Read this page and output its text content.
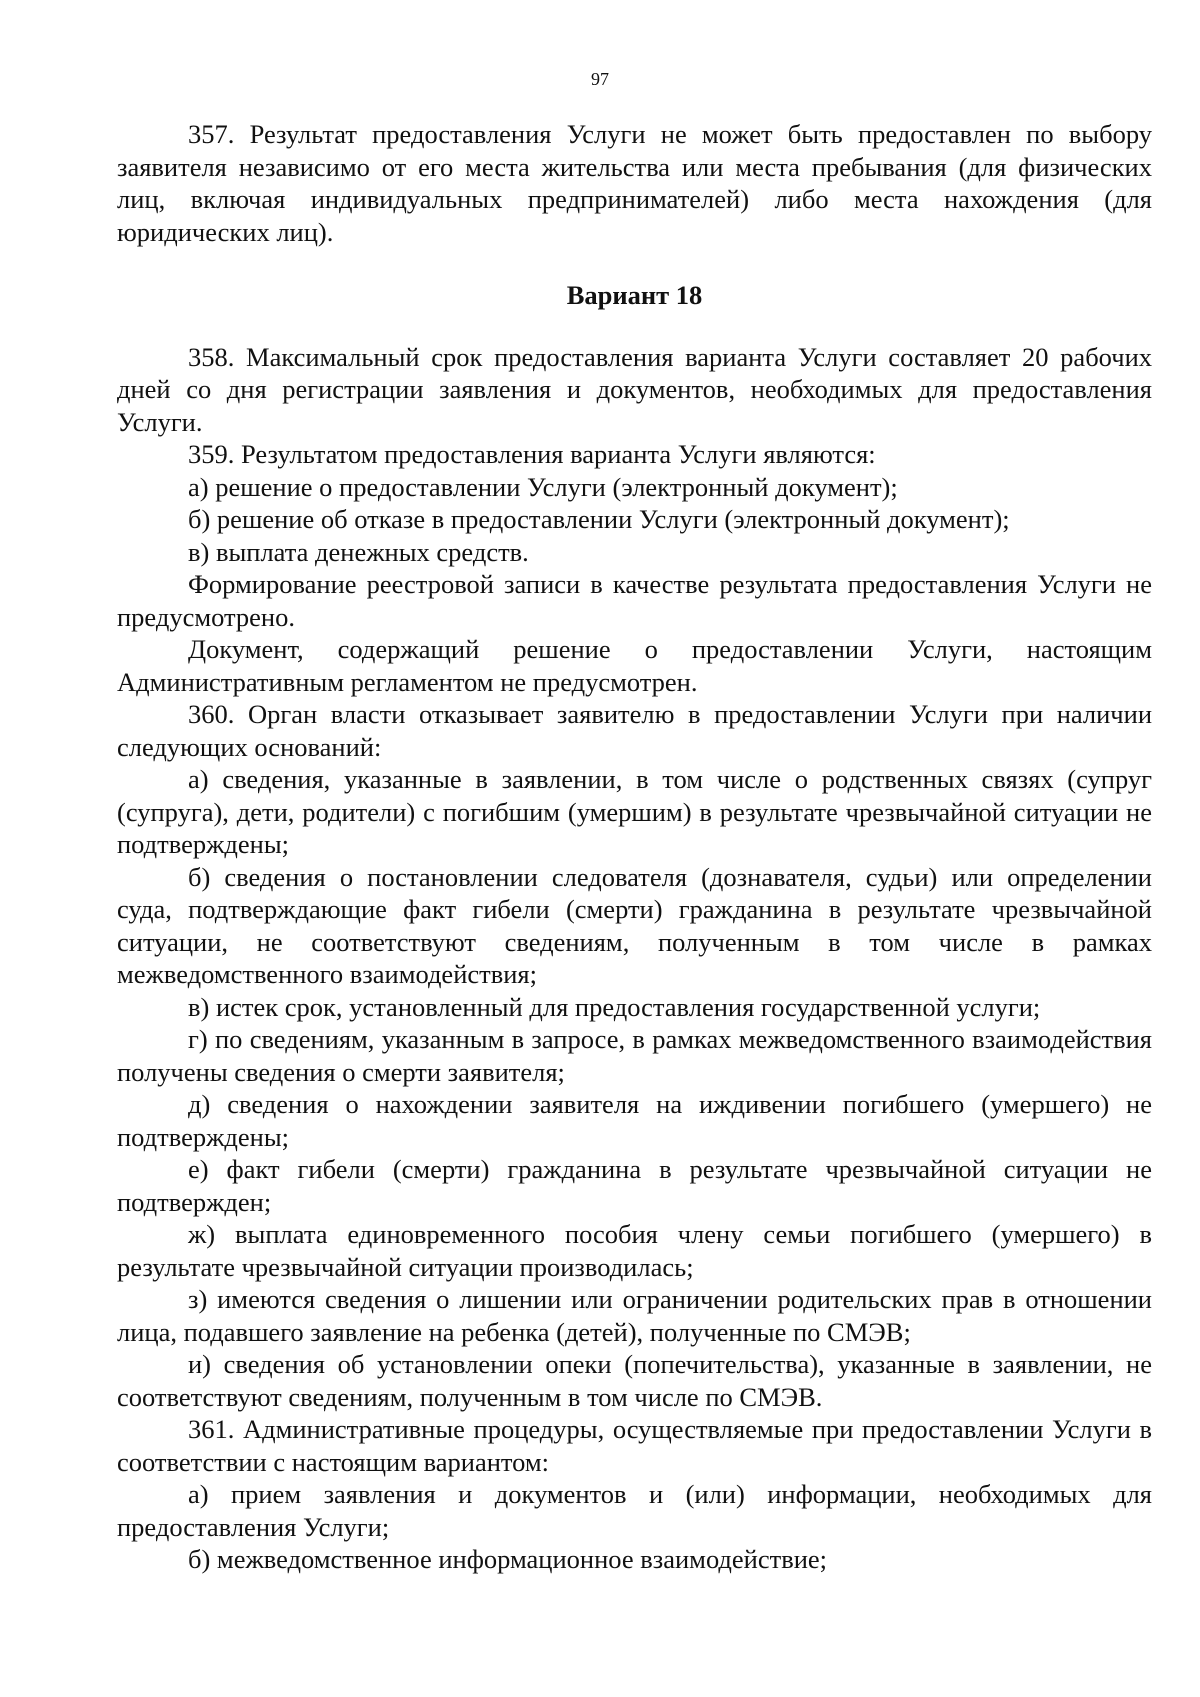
97

357. Результат предоставления Услуги не может быть предоставлен по выбору заявителя независимо от его места жительства или места пребывания (для физических лиц, включая индивидуальных предпринимателей) либо места нахождения (для юридических лиц).

Вариант 18

358. Максимальный срок предоставления варианта Услуги составляет 20 рабочих дней со дня регистрации заявления и документов, необходимых для предоставления Услуги.

359. Результатом предоставления варианта Услуги являются:

а) решение о предоставлении Услуги (электронный документ);

б) решение об отказе в предоставлении Услуги (электронный документ);

в) выплата денежных средств.

Формирование реестровой записи в качестве результата предоставления Услуги не предусмотрено.

Документ, содержащий решение о предоставлении Услуги, настоящим Административным регламентом не предусмотрен.

360. Орган власти отказывает заявителю в предоставлении Услуги при наличии следующих оснований:

а) сведения, указанные в заявлении, в том числе о родственных связях (супруг (супруга), дети, родители) с погибшим (умершим) в результате чрезвычайной ситуации не подтверждены;

б) сведения о постановлении следователя (дознавателя, судьи) или определении суда, подтверждающие факт гибели (смерти) гражданина в результате чрезвычайной ситуации, не соответствуют сведениям, полученным в том числе в рамках межведомственного взаимодействия;

в) истек срок, установленный для предоставления государственной услуги;

г) по сведениям, указанным в запросе, в рамках межведомственного взаимодействия получены сведения о смерти заявителя;

д) сведения о нахождении заявителя на иждивении погибшего (умершего) не подтверждены;

е) факт гибели (смерти) гражданина в результате чрезвычайной ситуации не подтвержден;

ж) выплата единовременного пособия члену семьи погибшего (умершего) в результате чрезвычайной ситуации производилась;

з) имеются сведения о лишении или ограничении родительских прав в отношении лица, подавшего заявление на ребенка (детей), полученные по СМЭВ;

и) сведения об установлении опеки (попечительства), указанные в заявлении, не соответствуют сведениям, полученным в том числе по СМЭВ.

361. Административные процедуры, осуществляемые при предоставлении Услуги в соответствии с настоящим вариантом:

а) прием заявления и документов и (или) информации, необходимых для предоставления Услуги;

б) межведомственное информационное взаимодействие;
